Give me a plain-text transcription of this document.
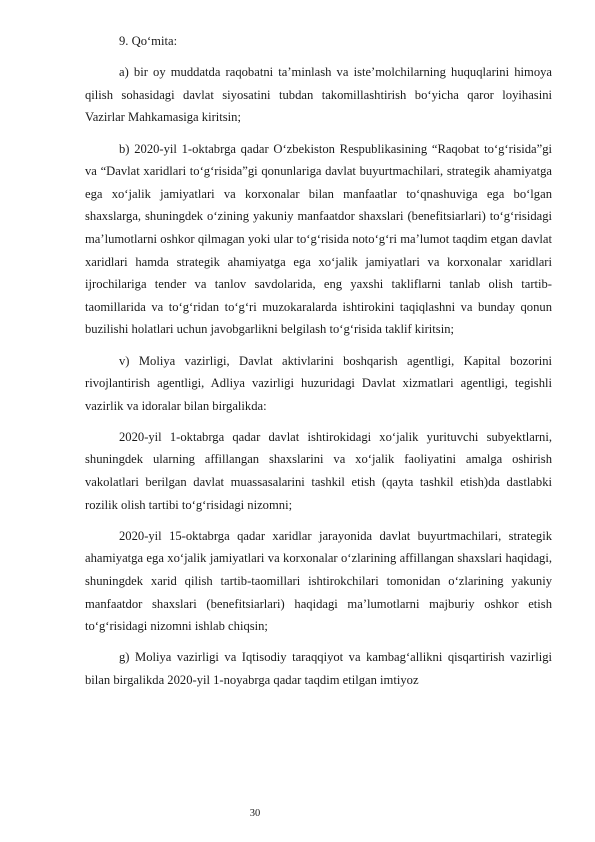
9. Qo‘mita:

a) bir oy muddatda raqobatni ta’minlash va iste’molchilarning huquqlarini himoya qilish sohasidagi davlat siyosatini tubdan takomillashtirish bo‘yicha qaror loyihasini Vazirlar Mahkamasiga kiritsin;

b) 2020-yil 1-oktabrga qadar O‘zbekiston Respublikasining “Raqobat to‘g‘risida”gi va “Davlat xaridlari to‘g‘risida”gi qonunlariga davlat buyurtmachilari, strategik ahamiyatga ega xo‘jalik jamiyatlari va korxonalar bilan manfaatlar to‘qnashuviga ega bo‘lgan shaxslarga, shuningdek o‘zining yakuniy manfaatdor shaxslari (benefitsiarlari) to‘g‘risidagi ma’lumotlarni oshkor qilmagan yoki ular to‘g‘risida noto‘g‘ri ma’lumot taqdim etgan davlat xaridlari hamda strategik ahamiyatga ega xo‘jalik jamiyatlari va korxonalar xaridlari ijrochilariga tender va tanlov savdolarida, eng yaxshi takliflarni tanlab olish tartib-taomillarida va to‘g‘ridan to‘g‘ri muzokaralarda ishtirokini taqiqlashni va bunday qonun buzilishi holatlari uchun javobgarlikni belgilash to‘g‘risida taklif kiritsin;

v) Moliya vazirligi, Davlat aktivlarini boshqarish agentligi, Kapital bozorini rivojlantirish agentligi, Adliya vazirligi huzuridagi Davlat xizmatlari agentligi, tegishli vazirlik va idoralar bilan birgalikda:

2020-yil 1-oktabrga qadar davlat ishtirokidagi xo‘jalik yurituvchi subyektlarni, shuningdek ularning affillangan shaxslarini va xo‘jalik faoliyatini amalga oshirish vakolatlari berilgan davlat muassasalarini tashkil etish (qayta tashkil etish)da dastlabki rozilik olish tartibi to‘g‘risidagi nizomni;

2020-yil 15-oktabrga qadar xaridlar jarayonida davlat buyurtmachilari, strategik ahamiyatga ega xo‘jalik jamiyatlari va korxonalar o‘zlarining affillangan shaxslari haqidagi, shuningdek xarid qilish tartib-taomillari ishtirokchilari tomonidan o‘zlarining yakuniy manfaatdor shaxslari (benefitsiarlari) haqidagi ma’lumotlarni majburiy oshkor etish to‘g‘risidagi nizomni ishlab chiqsin;

g) Moliya vazirligi va Iqtisodiy taraqqiyot va kambag‘allikni qisqartirish vazirligi bilan birgalikda 2020-yil 1-noyabrga qadar taqdim etilgan imtiyoz

30
